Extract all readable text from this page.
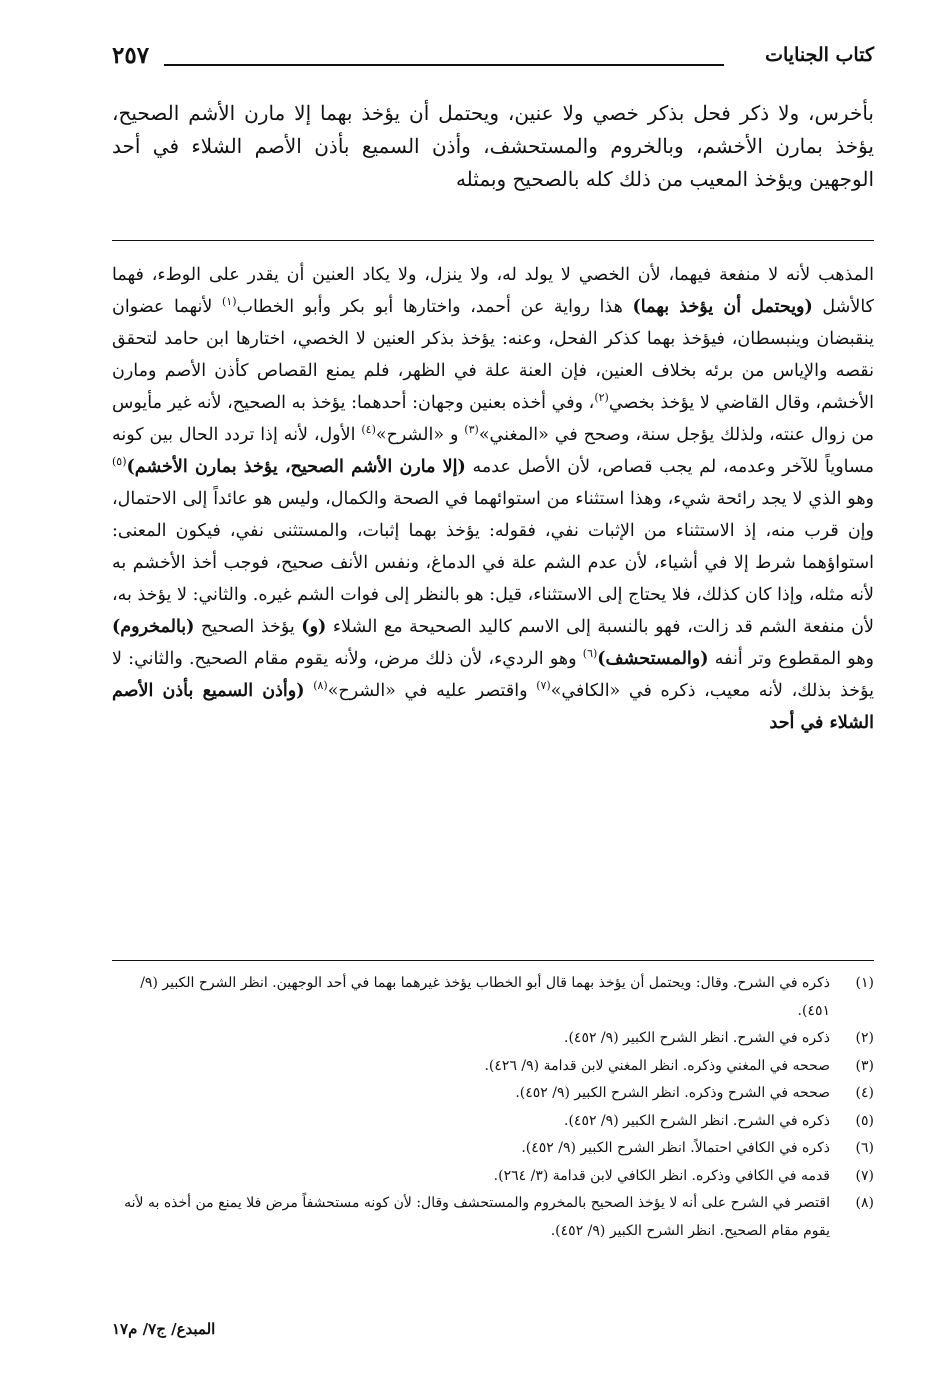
كتاب الجنايات
٢٥٧
بأخرس، ولا ذكر فحل بذكر خصي ولا عنين، ويحتمل أن يؤخذ بهما إلا مارن الأشم الصحيح، يؤخذ بمارن الأخشم، وبالخروم والمستحشف، وأذن السميع بأذن الأصم الشلاء في أحد الوجهين ويؤخذ المعيب من ذلك كله بالصحيح وبمثله
المذهب لأنه لا منفعة فيهما، لأن الخصي لا يولد له، ولا ينزل، ولا يكاد العنين أن يقدر على الوطء، فهما كالأشل (ويحتمل أن يؤخذ بهما) هذا رواية عن أحمد، واختارها أبو بكر وأبو الخطاب$^{(١)}$ لأنهما عضوان ينقبضان وينبسطان، فيؤخذ بهما كذكر الفحل، وعنه: يؤخذ بذكر العنين لا الخصي، اختارها ابن حامد لتحقق نقصه والإياس من برئه بخلاف العنين، فإن العنة علة في الظهر، فلم يمنع القصاص كأذن الأصم ومارن الأخشم، وقال القاضي لا يؤخذ بخصي$^{(٢)}$، وفي أخذه بعنين وجهان: أحدهما: يؤخذ به الصحيح، لأنه غير مأيوس من زوال عنته، ولذلك يؤجل سنة، وصحح في «المغني»$^{(٣)}$ و «الشرح»$^{(٤)}$ الأول، لأنه إذا تردد الحال بين كونه مساوياً للآخر وعدمه، لم يجب قصاص، لأن الأصل عدمه (إلا مارن الأشم الصحيح، يؤخذ بمارن الأخشم)$^{(٥)}$ وهو الذي لا يجد رائحة شيء، وهذا استثناء من استوائهما في الصحة والكمال، وليس هو عائداً إلى الاحتمال، وإن قرب منه، إذ الاستثناء من الإثبات نفي، فقوله: يؤخذ بهما إثبات، والمستثنى نفي، فيكون المعنى: استواؤهما شرط إلا في أشياء، لأن عدم الشم علة في الدماغ، ونفس الأنف صحيح، فوجب أخذ الأخشم به لأنه مثله، وإذا كان كذلك، فلا يحتاج إلى الاستثناء، قيل: هو بالنظر إلى فوات الشم غيره. والثاني: لا يؤخذ به، لأن منفعة الشم قد زالت، فهو بالنسبة إلى الاسم كاليد الصحيحة مع الشلاء (و) يؤخذ الصحيح (بالمخروم) وهو المقطوع وتر أنفه (والمستحشف)$^{(٦)}$ وهو الرديء، لأن ذلك مرض، ولأنه يقوم مقام الصحيح. والثاني: لا يؤخذ بذلك، لأنه معيب، ذكره في «الكافي»$^{(٧)}$ واقتصر عليه في «الشرح»$^{(٨)}$ (وأذن السميع بأذن الأصم الشلاء في أحد
(١)
ذكره في الشرح. وقال: ويحتمل أن يؤخذ بهما قال أبو الخطاب يؤخذ غيرهما بهما في أحد الوجهين. انظر الشرح الكبير (٩/ ٤٥١).
(٢)
ذكره في الشرح. انظر الشرح الكبير (٩/ ٤٥٢).
(٣)
صححه في المغني وذكره. انظر المغني لابن قدامة (٩/ ٤٢٦).
(٤)
صححه في الشرح وذكره. انظر الشرح الكبير (٩/ ٤٥٢).
(٥)
ذكره في الشرح. انظر الشرح الكبير (٩/ ٤٥٢).
(٦)
ذكره في الكافي احتمالاً. انظر الشرح الكبير (٩/ ٤٥٢).
(٧)
قدمه في الكافي وذكره. انظر الكافي لابن قدامة (٣/ ٢٦٤).
(٨)
اقتصر في الشرح على أنه لا يؤخذ الصحيح بالمخروم والمستحشف وقال: لأن كونه مستحشفاً مرض فلا يمنع من أخذه به لأنه يقوم مقام الصحيح. انظر الشرح الكبير (٩/ ٤٥٢).
المبدع/ ج٧/ م١٧
